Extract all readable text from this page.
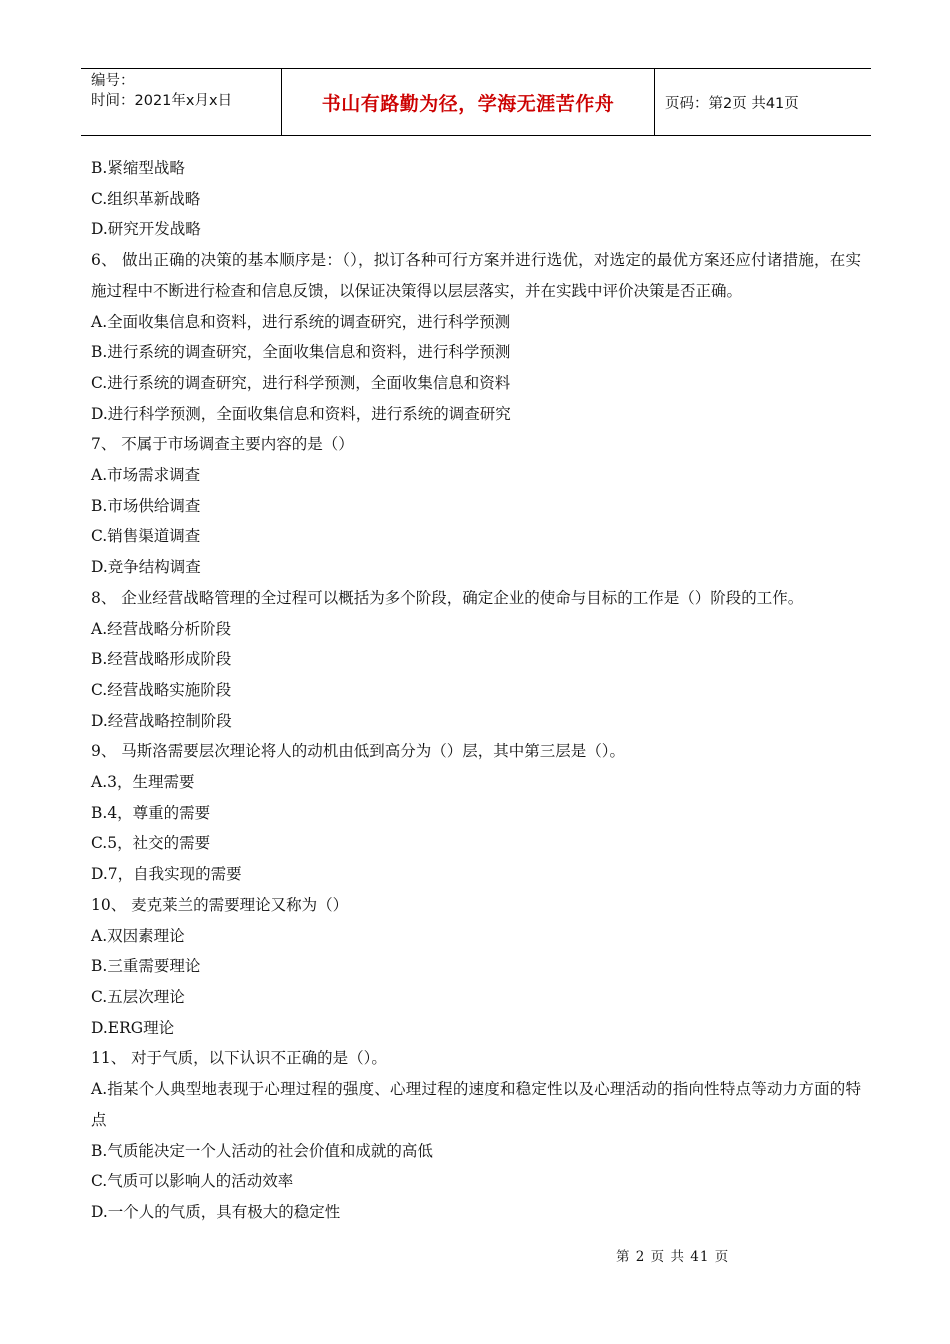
编号：
时间：2021年x月x日	书山有路勤为径，学海无涯苦作舟	页码：第2页 共41页
B.紧缩型战略
C.组织革新战略
D.研究开发战略
6、 做出正确的决策的基本顺序是：（），拟订各种可行方案并进行选优，对选定的最优方案还应付诸措施，在实施过程中不断进行检查和信息反馈，以保证决策得以层层落实，并在实践中评价决策是否正确。
A.全面收集信息和资料，进行系统的调查研究，进行科学预测
B.进行系统的调查研究，全面收集信息和资料，进行科学预测
C.进行系统的调查研究，进行科学预测，全面收集信息和资料
D.进行科学预测，全面收集信息和资料，进行系统的调查研究
7、 不属于市场调查主要内容的是（）
A.市场需求调查
B.市场供给调查
C.销售渠道调查
D.竞争结构调查
8、 企业经营战略管理的全过程可以概括为多个阶段，确定企业的使命与目标的工作是（）阶段的工作。
A.经营战略分析阶段
B.经营战略形成阶段
C.经营战略实施阶段
D.经营战略控制阶段
9、 马斯洛需要层次理论将人的动机由低到高分为（）层，其中第三层是（）。
A.3，生理需要
B.4，尊重的需要
C.5，社交的需要
D.7，自我实现的需要
10、 麦克莱兰的需要理论又称为（）
A.双因素理论
B.三重需要理论
C.五层次理论
D.ERG理论
11、 对于气质，以下认识不正确的是（）。
A.指某个人典型地表现于心理过程的强度、心理过程的速度和稳定性以及心理活动的指向性特点等动力方面的特点
B.气质能决定一个人活动的社会价值和成就的高低
C.气质可以影响人的活动效率
D.一个人的气质，具有极大的稳定性
第 2 页 共 41 页
